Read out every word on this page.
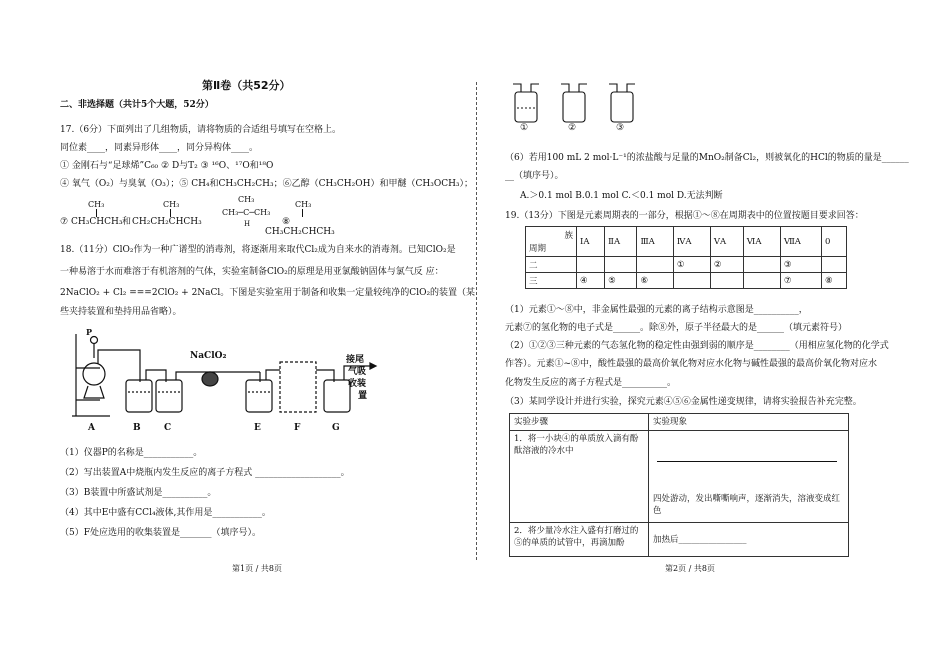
第Ⅱ卷（共52分）
二、非选择题（共计5个大题，52分）
17.（6分）下面列出了几组物质，请将物质的合适组号填写在空格上。
同位素____，同素异形体____，同分异构体____。
① 金刚石与“足球烯”C₆₀ ② D与T₂ ③ ¹⁶O、¹⁷O和¹⁸O
④ 氧气（O₂）与臭氧（O₃）；⑤ CH₄和CH₃CH₂CH₃；⑥乙醇（CH₃CH₂OH）和甲醚（CH₃OCH₃）；
CH₃
⑦ CH₃CHCH₃ 和
CH₃
CH₂CH₂CHCH₃
CH₃
CH₃─C─CH₃
H	⑧
CH₃
CH₃CH₂CHCH₃
18.（11分）ClO₂作为一种广谱型的消毒剂，将逐渐用来取代Cl₂成为自来水的消毒剂。已知ClO₂是
一种易溶于水而难溶于有机溶剂的气体，实验室制备ClO₂的原理是用亚氯酸钠固体与氯气反 应：
2NaClO₂ + Cl₂ ===2ClO₂ + 2NaCl。下图是实验室用于制备和收集一定量较纯净的ClO₂的装置（某
些夹持装置和垫持用品省略）。
P
NaClO₂
D
接尾
气吸
收装
置
A	B	C	E	F	G
（1）仪器P的名称是___________。
（2）写出装置A中烧瓶内发生反应的离子方程式 ___________________。
（3）B装置中所盛试剂是__________。
（4）其中E中盛有CCl₄液体,其作用是___________。
（5）F处应选用的收集装置是_______（填序号）。
第1页 / 共8页
①	②	③
（6）若用100 mL 2 mol·L⁻¹的浓盐酸与足量的MnO₂制备Cl₂，则被氧化的HCl的物质的量是______
__（填序号）。
A.＞0.1 mol B.0.1 mol C.＜0.1 mol D.无法判断
19.（13分）下图是元素周期表的一部分，根据①～⑧在周期表中的位置按题目要求回答：
族
周期	ⅠA	ⅡA	ⅢA	ⅣA	ⅤA	ⅥA	ⅦA	0
二				①	②		③	
三	④	⑤	⑥				⑦	⑧
（1）元素①～⑧中，非金属性最强的元素的离子结构示意图是__________，
元素⑦的氢化物的电子式是______。除⑧外，原子半径最大的是______（填元素符号）
（2）①②③三种元素的气态氢化物的稳定性由强到弱的顺序是________（用相应氢化物的化学式
作答）。元素①~⑧中，酸性最强的最高价氧化物对应水化物与碱性最强的最高价氧化物对应水
化物发生反应的离子方程式是__________。
（3）某同学设计并进行实验，探究元素④⑤⑥金属性递变规律，请将实验报告补充完整。
实验步骤	实验现象
1．将一小块④的单质放入滴有酚酞溶液的冷水中	四处游动，发出嘶嘶响声，逐渐消失，溶液变成红色

2．将少量冷水注入盛有打磨过的⑤的单质的试管中，再滴加酚	加热后________________
第2页 / 共8页
